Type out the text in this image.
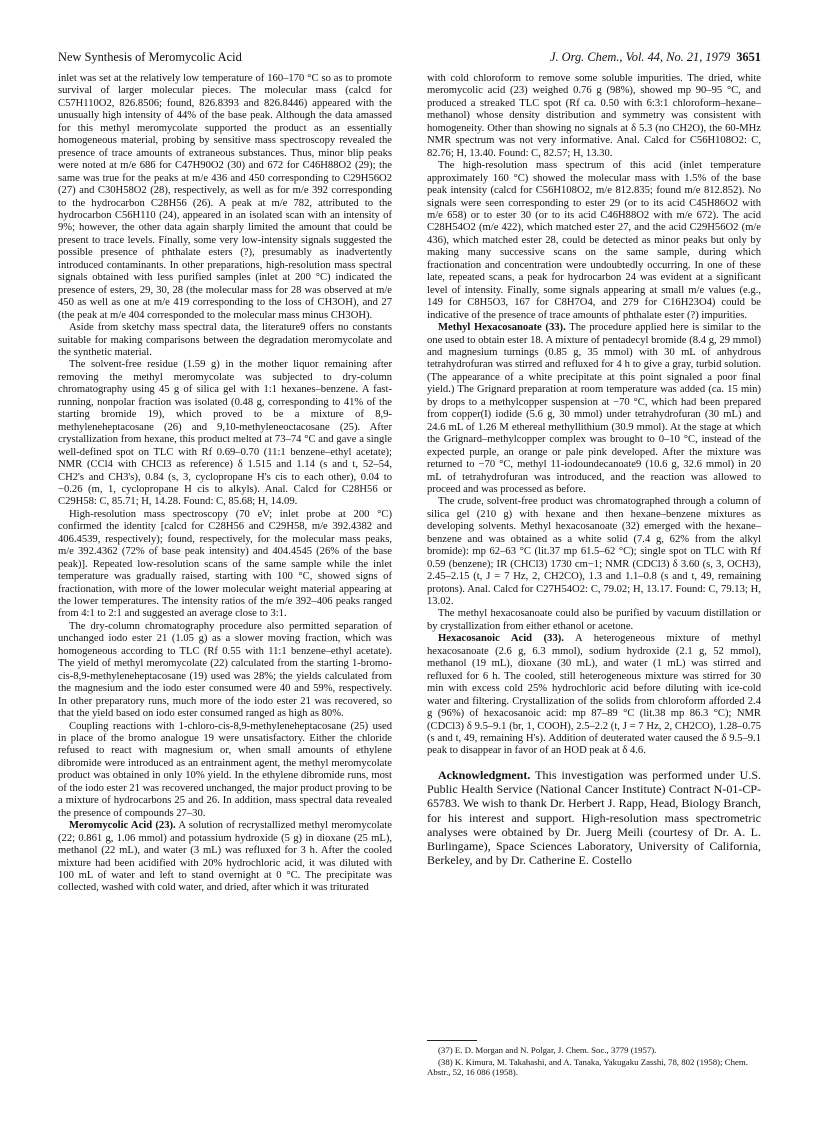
New Synthesis of Meromycolic Acid	J. Org. Chem., Vol. 44, No. 21, 1979 3651

inlet was set at the relatively low temperature of 160–170 °C so as to promote survival of larger molecular pieces. The molecular mass (calcd for C57H110O2, 826.8506; found, 826.8393 and 826.8446) appeared with the unusually high intensity of 44% of the base peak. Although the data amassed for this methyl meromycolate supported the product as an essentially homogeneous material, probing by sensitive mass spectroscopy revealed the presence of trace amounts of extraneous substances. Thus, minor blip peaks were noted at m/e 686 for C47H90O2 (30) and 672 for C46H88O2 (29); the same was true for the peaks at m/e 436 and 450 corresponding to C29H56O2 (27) and C30H58O2 (28), respectively, as well as for m/e 392 corresponding to the hydrocarbon C28H56 (26). A peak at m/e 782, attributed to the hydrocarbon C56H110 (24), appeared in an isolated scan with an intensity of 9%; however, the other data again sharply limited the amount that could be present to trace levels. Finally, some very low-intensity signals suggested the possible presence of phthalate esters (?), presumably as inadvertently introduced contaminants. In other preparations, high-resolution mass spectral signals obtained with less purified samples (inlet at 200 °C) indicated the presence of esters, 29, 30, 28 (the molecular mass for 28 was observed at m/e 450 as well as one at m/e 419 corresponding to the loss of CH3OH), and 27 (the peak at m/e 404 corresponded to the molecular mass minus CH3OH).

Aside from sketchy mass spectral data, the literature9 offers no constants suitable for making comparisons between the degradation meromycolate and the synthetic material.

The solvent-free residue (1.59 g) in the mother liquor remaining after removing the methyl meromycolate was subjected to dry-column chromatography using 45 g of silica gel with 1:1 hexanes–benzene. A fast-running, nonpolar fraction was isolated (0.48 g, corresponding to 41% of the starting bromide 19), which proved to be a mixture of 8,9-methyleneheptacosane (26) and 9,10-methyleneoctacosane (25). After crystallization from hexane, this product melted at 73–74 °C and gave a single well-defined spot on TLC with Rf 0.69–0.70 (11:1 benzene–ethyl acetate); NMR (CCl4 with CHCl3 as reference) δ 1.515 and 1.14 (s and t, 52–54, CH2's and CH3's), 0.84 (s, 3, cyclopropane H's cis to each other), 0.04 to −0.26 (m, 1, cyclopropane H cis to alkyls). Anal. Calcd for C28H56 or C29H58: C, 85.71; H, 14.28. Found: C, 85.68; H, 14.09.

High-resolution mass spectroscopy (70 eV; inlet probe at 200 °C) confirmed the identity [calcd for C28H56 and C29H58, m/e 392.4382 and 406.4539, respectively); found, respectively, for the molecular mass peaks, m/e 392.4362 (72% of base peak intensity) and 404.4545 (26% of the base peak)]. Repeated low-resolution scans of the same sample while the inlet temperature was gradually raised, starting with 100 °C, showed signs of fractionation, with more of the lower molecular weight material appearing at the lower temperatures. The intensity ratios of the m/e 392–406 peaks ranged from 4:1 to 2:1 and suggested an average close to 3:1.

The dry-column chromatography procedure also permitted separation of unchanged iodo ester 21 (1.05 g) as a slower moving fraction, which was homogeneous according to TLC (Rf 0.55 with 11:1 benzene–ethyl acetate). The yield of methyl meromycolate (22) calculated from the starting 1-bromo-cis-8,9-methyleneheptacosane (19) used was 28%; the yields calculated from the magnesium and the iodo ester consumed were 40 and 59%, respectively. In other preparatory runs, much more of the iodo ester 21 was recovered, so that the yield based on iodo ester consumed ranged as high as 80%.

Coupling reactions with 1-chloro-cis-8,9-methyleneheptacosane (25) used in place of the bromo analogue 19 were unsatisfactory. Either the chloride refused to react with magnesium or, when small amounts of ethylene dibromide were introduced as an entrainment agent, the methyl meromycolate product was obtained in only 10% yield. In the ethylene dibromide runs, most of the iodo ester 21 was recovered unchanged, the major product proving to be a mixture of hydrocarbons 25 and 26. In addition, mass spectral data revealed the presence of compounds 27–30.

Meromycolic Acid (23). A solution of recrystallized methyl meromycolate (22; 0.861 g, 1.06 mmol) and potassium hydroxide (5 g) in dioxane (25 mL), methanol (22 mL), and water (3 mL) was refluxed for 3 h. After the cooled mixture had been acidified with 20% hydrochloric acid, it was diluted with 100 mL of water and left to stand overnight at 0 °C. The precipitate was collected, washed with cold water, and dried, after which it was triturated

with cold chloroform to remove some soluble impurities. The dried, white meromycolic acid (23) weighed 0.76 g (98%), showed mp 90–95 °C, and produced a streaked TLC spot (Rf ca. 0.50 with 6:3:1 chloroform–hexane–methanol) whose density distribution and symmetry was consistent with homogeneity. Other than showing no signals at δ 5.3 (no CH2O), the 60-MHz NMR spectrum was not very informative. Anal. Calcd for C56H108O2: C, 82.76; H, 13.40. Found: C, 82.57; H, 13.30.

The high-resolution mass spectrum of this acid (inlet temperature approximately 160 °C) showed the molecular mass with 1.5% of the base peak intensity (calcd for C56H108O2, m/e 812.835; found m/e 812.852). No signals were seen corresponding to ester 29 (or to its acid C45H86O2 with m/e 658) or to ester 30 (or to its acid C46H88O2 with m/e 672). The acid C28H54O2 (m/e 422), which matched ester 27, and the acid C29H56O2 (m/e 436), which matched ester 28, could be detected as minor peaks but only by making many successive scans on the same sample, during which fractionation and concentration were undoubtedly occurring. In one of these late, repeated scans, a peak for hydrocarbon 24 was evident at a significant level of intensity. Finally, some signals appearing at small m/e values (e.g., 149 for C8H5O3, 167 for C8H7O4, and 279 for C16H23O4) could be indicative of the presence of trace amounts of phthalate ester (?) impurities.

Methyl Hexacosanoate (33). The procedure applied here is similar to the one used to obtain ester 18. A mixture of pentadecyl bromide (8.4 g, 29 mmol) and magnesium turnings (0.85 g, 35 mmol) with 30 mL of anhydrous tetrahydrofuran was stirred and refluxed for 4 h to give a gray, turbid solution. (The appearance of a white precipitate at this point signaled a poor final yield.) The Grignard preparation at room temperature was added (ca. 15 min) by drops to a methylcopper suspension at −70 °C, which had been prepared from copper(I) iodide (5.6 g, 30 mmol) under tetrahydrofuran (30 mL) and 24.6 mL of 1.26 M ethereal methyllithium (30.9 mmol). At the stage at which the Grignard–methylcopper complex was brought to 0–10 °C, instead of the expected purple, an orange or pale pink developed. After the mixture was returned to −70 °C, methyl 11-iodoundecanoate9 (10.6 g, 32.6 mmol) in 20 mL of tetrahydrofuran was introduced, and the reaction was allowed to proceed and was processed as before.

The crude, solvent-free product was chromatographed through a column of silica gel (210 g) with hexane and then hexane–benzene mixtures as developing solvents. Methyl hexacosanoate (32) emerged with the hexane–benzene and was obtained as a white solid (7.4 g, 62% from the alkyl bromide): mp 62–63 °C (lit.37 mp 61.5–62 °C); single spot on TLC with Rf 0.59 (benzene); IR (CHCl3) 1730 cm−1; NMR (CDCl3) δ 3.60 (s, 3, OCH3), 2.45–2.15 (t, J = 7 Hz, 2, CH2CO), 1.3 and 1.1–0.8 (s and t, 49, remaining protons). Anal. Calcd for C27H54O2: C, 79.02; H, 13.17. Found: C, 79.13; H, 13.02.

The methyl hexacosanoate could also be purified by vacuum distillation or by crystallization from either ethanol or acetone.

Hexacosanoic Acid (33). A heterogeneous mixture of methyl hexacosanoate (2.6 g, 6.3 mmol), sodium hydroxide (2.1 g, 52 mmol), methanol (19 mL), dioxane (30 mL), and water (1 mL) was stirred and refluxed for 6 h. The cooled, still heterogeneous mixture was stirred for 30 min with excess cold 25% hydrochloric acid before diluting with ice-cold water and filtering. Crystallization of the solids from chloroform afforded 2.4 g (96%) of hexacosanoic acid: mp 87–89 °C (lit.38 mp 86.3 °C); NMR (CDCl3) δ 9.5–9.1 (br, 1, COOH), 2.5–2.2 (t, J = 7 Hz, 2, CH2CO), 1.28–0.75 (s and t, 49, remaining H's). Addition of deuterated water caused the δ 9.5–9.1 peak to disappear in favor of an HOD peak at δ 4.6.

Acknowledgment. This investigation was performed under U.S. Public Health Service (National Cancer Institute) Contract N-01-CP-65783. We wish to thank Dr. Herbert J. Rapp, Head, Biology Branch, for his interest and support. High-resolution mass spectrometric analyses were obtained by Dr. Juerg Meili (courtesy of Dr. A. L. Burlingame), Space Sciences Laboratory, University of California, Berkeley, and by Dr. Catherine E. Costello

(37) E. D. Morgan and N. Polgar, J. Chem. Soc., 3779 (1957).

(38) K. Kimura, M. Takahashi, and A. Tanaka, Yakugaku Zasshi, 78, 802 (1958); Chem. Abstr., 52, 16 086 (1958).
